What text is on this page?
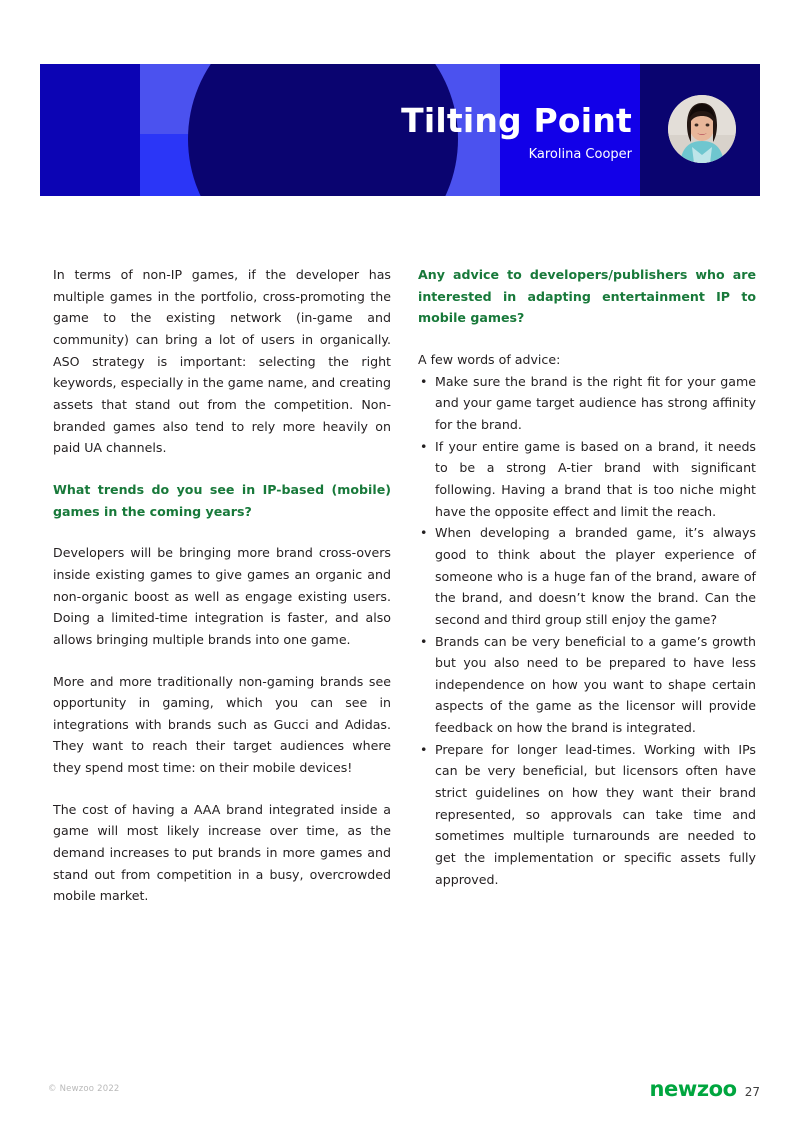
Tilting Point
Karolina Cooper

In terms of non-IP games, if the developer has multiple games in the portfolio, cross-promoting the game to the existing network (in-game and community) can bring a lot of users in organically. ASO strategy is important: selecting the right keywords, especially in the game name, and creating assets that stand out from the competition. Non-branded games also tend to rely more heavily on paid UA channels.

What trends do you see in IP-based (mobile) games in the coming years?

Developers will be bringing more brand cross-overs inside existing games to give games an organic and non-organic boost as well as engage existing users. Doing a limited-time integration is faster, and also allows bringing multiple brands into one game.

More and more traditionally non-gaming brands see opportunity in gaming, which you can see in integrations with brands such as Gucci and Adidas. They want to reach their target audiences where they spend most time: on their mobile devices!

The cost of having a AAA brand integrated inside a game will most likely increase over time, as the demand increases to put brands in more games and stand out from competition in a busy, overcrowded mobile market.

Any advice to developers/publishers who are interested in adapting entertainment IP to mobile games?

A few words of advice:

• Make sure the brand is the right fit for your game and your game target audience has strong affinity for the brand.
• If your entire game is based on a brand, it needs to be a strong A-tier brand with significant following. Having a brand that is too niche might have the opposite effect and limit the reach.
• When developing a branded game, it’s always good to think about the player experience of someone who is a huge fan of the brand, aware of the brand, and doesn’t know the brand. Can the second and third group still enjoy the game?
• Brands can be very beneficial to a game’s growth but you also need to be prepared to have less independence on how you want to shape certain aspects of the game as the licensor will provide feedback on how the brand is integrated.
• Prepare for longer lead-times. Working with IPs can be very beneficial, but licensors often have strict guidelines on how they want their brand represented, so approvals can take time and sometimes multiple turnarounds are needed to get the implementation or specific assets fully approved.
© Newzoo 2022	newzoo 27
